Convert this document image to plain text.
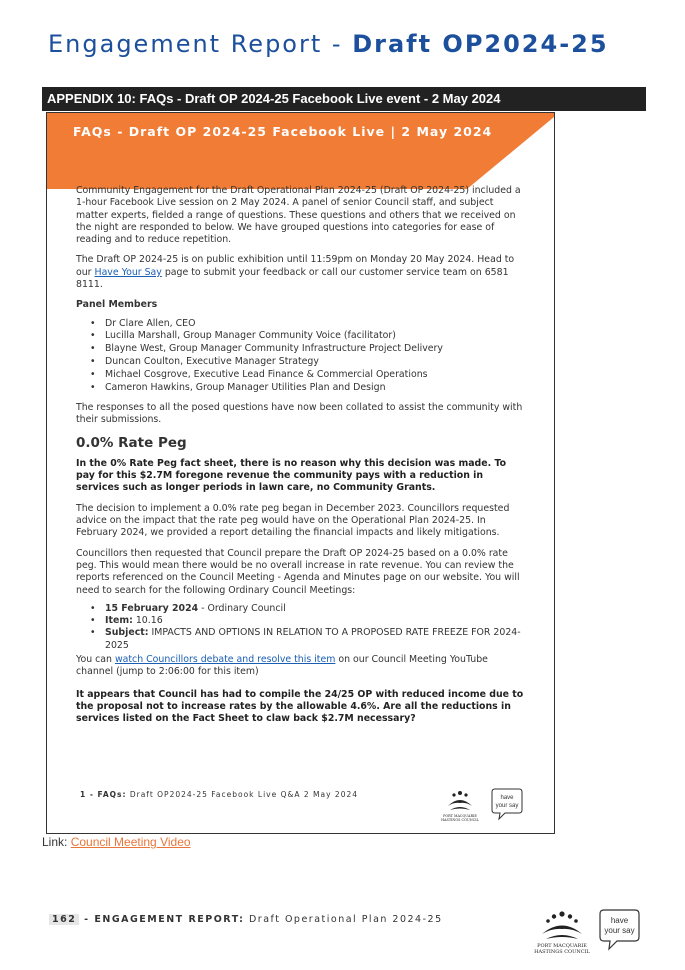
Engagement Report - Draft OP2024-25
APPENDIX 10: FAQs - Draft OP 2024-25 Facebook Live event - 2 May 2024
FAQs - Draft OP 2024-25 Facebook Live | 2 May 2024

Community Engagement for the Draft Operational Plan 2024-25 (Draft OP 2024-25) included a 1-hour Facebook Live session on 2 May 2024. A panel of senior Council staff, and subject matter experts, fielded a range of questions. These questions and others that we received on the night are responded to below. We have grouped questions into categories for ease of reading and to reduce repetition.

The Draft OP 2024-25 is on public exhibition until 11:59pm on Monday 20 May 2024. Head to our Have Your Say page to submit your feedback or call our customer service team on 6581 8111.

Panel Members
• Dr Clare Allen, CEO
• Lucilla Marshall, Group Manager Community Voice (facilitator)
• Blayne West, Group Manager Community Infrastructure Project Delivery
• Duncan Coulton, Executive Manager Strategy
• Michael Cosgrove, Executive Lead Finance & Commercial Operations
• Cameron Hawkins, Group Manager Utilities Plan and Design

The responses to all the posed questions have now been collated to assist the community with their submissions.

0.0% Rate Peg

In the 0% Rate Peg fact sheet, there is no reason why this decision was made. To pay for this $2.7M foregone revenue the community pays with a reduction in services such as longer periods in lawn care, no Community Grants.

The decision to implement a 0.0% rate peg began in December 2023. Councillors requested advice on the impact that the rate peg would have on the Operational Plan 2024-25. In February 2024, we provided a report detailing the financial impacts and likely mitigations.

Councillors then requested that Council prepare the Draft OP 2024-25 based on a 0.0% rate peg. This would mean there would be no overall increase in rate revenue. You can review the reports referenced on the Council Meeting - Agenda and Minutes page on our website. You will need to search for the following Ordinary Council Meetings:

• 15 February 2024 - Ordinary Council
• Item: 10.16
• Subject: IMPACTS AND OPTIONS IN RELATION TO A PROPOSED RATE FREEZE FOR 2024-2025

You can watch Councillors debate and resolve this item on our Council Meeting YouTube channel (jump to 2:06:00 for this item)

It appears that Council has had to compile the 24/25 OP with reduced income due to the proposal not to increase rates by the allowable 4.6%. Are all the reductions in services listed on the Fact Sheet to claw back $2.7M necessary?

1 - FAQs: Draft OP2024-25 Facebook Live Q&A 2 May 2024
PORT MACQUARIE
HASTINGS COUNCIL
have
your say
Link: Council Meeting Video
162 - ENGAGEMENT REPORT: Draft Operational Plan 2024-25
PORT MACQUARIE
HASTINGS COUNCIL
have
your say
